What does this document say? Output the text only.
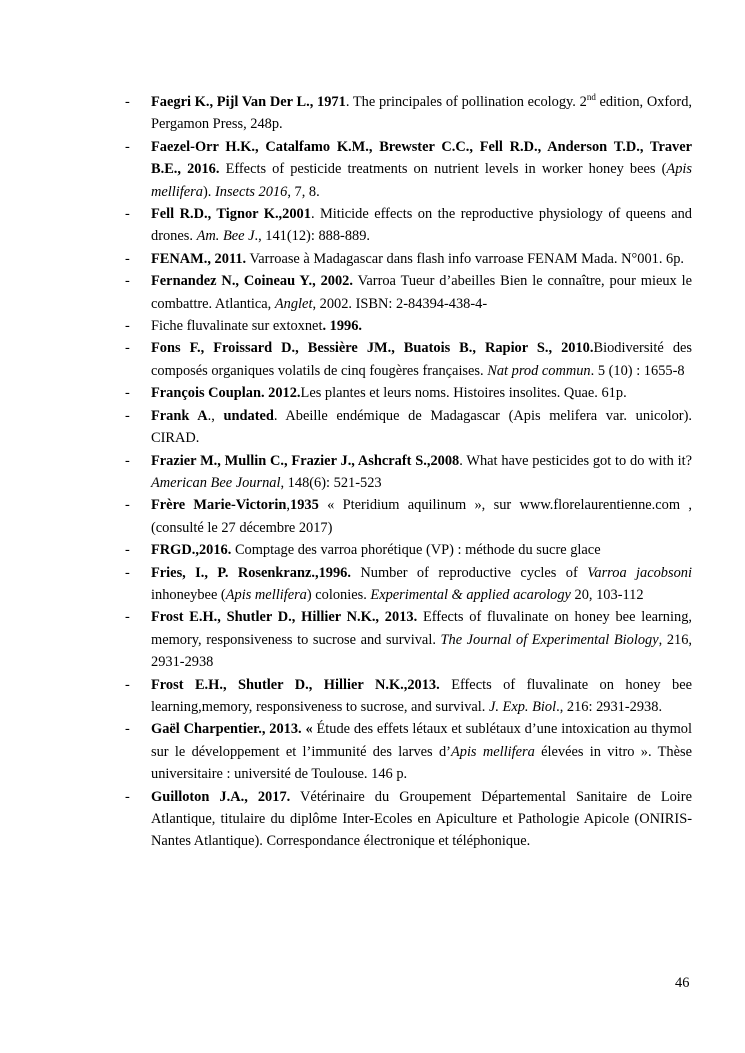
- Faegri K., Pijl Van Der L., 1971. The principales of pollination ecology. 2nd edition, Oxford, Pergamon Press, 248p.
- Faezel-Orr H.K., Catalfamo K.M., Brewster C.C., Fell R.D., Anderson T.D., Traver B.E., 2016. Effects of pesticide treatments on nutrient levels in worker honey bees (Apis mellifera). Insects 2016, 7, 8.
- Fell R.D., Tignor K.,2001. Miticide effects on the reproductive physiology of queens and drones. Am. Bee J., 141(12): 888-889.
- FENAM., 2011. Varroase à Madagascar dans flash info varroase FENAM Mada. N°001. 6p.
- Fernandez N., Coineau Y., 2002. Varroa Tueur d’abeilles Bien le connaître, pour mieux le combattre. Atlantica, Anglet, 2002. ISBN: 2-84394-438-4-
- Fiche fluvalinate sur extoxnet. 1996.
- Fons F., Froissard D., Bessière JM., Buatois B., Rapior S., 2010.Biodiversité des composés organiques volatils de cinq fougères françaises. Nat prod commun. 5 (10) : 1655-8
- François Couplan. 2012.Les plantes et leurs noms. Histoires insolites. Quae. 61p.
- Frank A., undated. Abeille endémique de Madagascar (Apis melifera var. unicolor). CIRAD.
- Frazier M., Mullin C., Frazier J., Ashcraft S.,2008. What have pesticides got to do with it? American Bee Journal, 148(6): 521-523
- Frère Marie-Victorin,1935 « Pteridium aquilinum », sur www.florelaurentienne.com ,(consulté le 27 décembre 2017)
- FRGD.,2016. Comptage des varroa phorétique (VP) : méthode du sucre glace
- Fries, I., P. Rosenkranz.,1996. Number of reproductive cycles of Varroa jacobsoni inhoneybee (Apis mellifera) colonies. Experimental & applied acarology 20, 103-112
- Frost E.H., Shutler D., Hillier N.K., 2013. Effects of fluvalinate on honey bee learning, memory, responsiveness to sucrose and survival. The Journal of Experimental Biology, 216, 2931-2938
- Frost E.H., Shutler D., Hillier N.K.,2013. Effects of fluvalinate on honey bee learning,memory, responsiveness to sucrose, and survival. J. Exp. Biol., 216: 2931-2938.
- Gaël Charpentier., 2013. « Étude des effets létaux et sublétaux d’une intoxication au thymol sur le développement et l’immunité des larves d’Apis mellifera élevées in vitro ». Thèse universitaire : université de Toulouse. 146 p.
- Guilloton J.A., 2017. Vétérinaire du Groupement Départemental Sanitaire de Loire Atlantique, titulaire du diplôme Inter-Ecoles en Apiculture et Pathologie Apicole (ONIRIS-Nantes Atlantique). Correspondance électronique et téléphonique.
46
